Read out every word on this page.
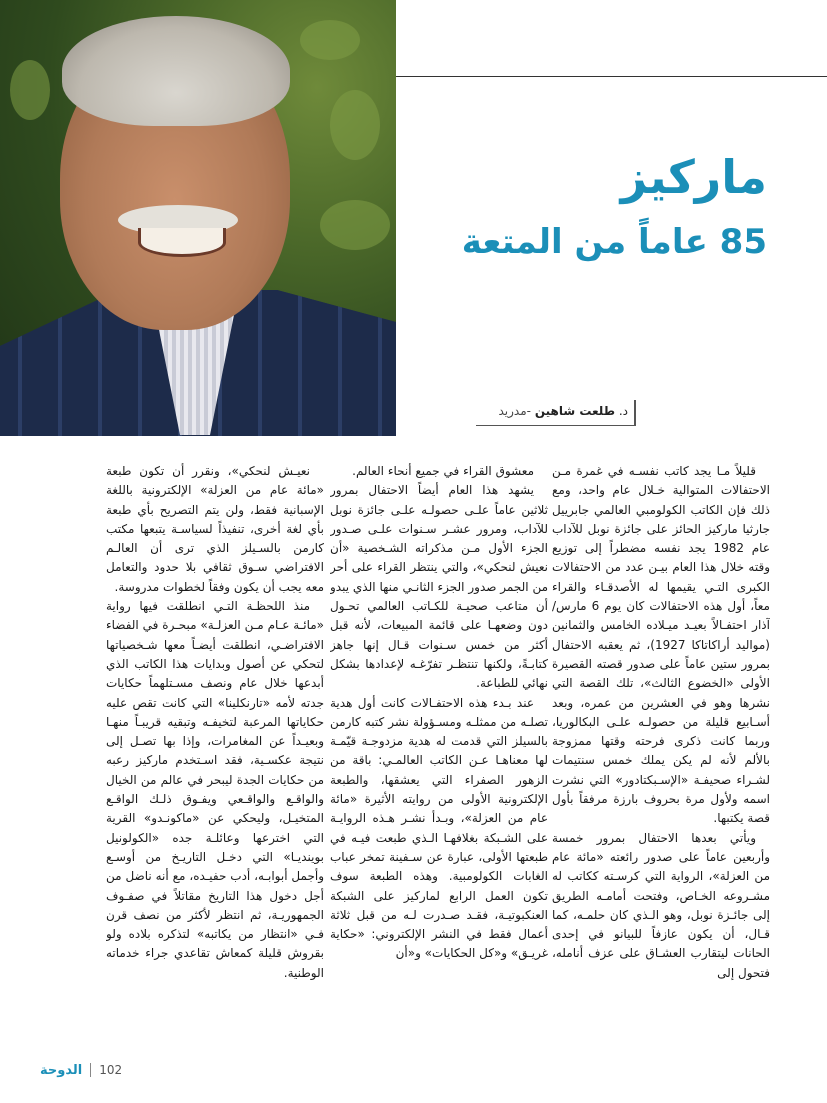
ماركيز
85 عاماً من المتعة
د. طلعت شاهين -مدريد

قليلاً مـا يجد كاتب نفسـه في غمرة مـن الاحتفالات المتوالية خـلال عام واحد، ومع ذلك فإن الكاتب الكولومبي العالمي جابرييل جارثيا ماركيز الحائز على جائزة نوبل للآداب عام 1982 يجد نفسه مضطراً إلى توزيع وقته خلال هذا العام بيـن عدد من الاحتفالات الكبرى التـي يقيمها له الأصدقـاء والقراء معاً، أول هذه الاحتفالات كان يوم 6 مارس/ آذار احتفـالاً بعيـد ميـلاده الخامس والثمانين (مواليد أراكاتاكا 1927)، ثم يعقبه الاحتفال بمرور ستين عاماً على صدور قصته القصيرة الأولى «الخضوع الثالث»، تلك القصة التي نشرها وهو في العشرين من عمره، وبعد أسـابيع قليلة من حصولـه علـى البكالوريا، وربما كانت ذكرى فرحته وقتها ممزوجة بالألم لأنه لم يكن يملك خمس سنتيمات لشـراء صحيفـة «الإسـبكتادور» التي نشرت اسمه ولأول مرة بحروف بارزة مرفقاً بأول قصة يكتبها.

ويأتي بعدها الاحتفال بمرور خمسة وأربعين عاماً على صدور رائعته «مائة عام من العزلة»، الرواية التي كرسـته ككاتب له مشـروعه الخـاص، وفتحت أمامـه الطريق إلى جائـزة نوبل، وهو الـذي كان حلمـه، كما قـال، أن يكون عازفاً للبيانو في إحدى الحانات ليتقارب العشـاق على عزف أنامله، فتحول إلى

معشوق القراء في جميع أنحاء العالم.

يشهد هذا العام أيضاً الاحتفال بمرور ثلاثين عاماً علـى حصولـه علـى جائزة نوبل للآداب، ومرور عشـر سـنوات علـى صـدور الجزء الأول مـن مذكراته الشـخصية «أن نعيش لنحكي»، والتي ينتظر القراء على أحر من الجمر صدور الجزء الثانـي منها الذي يبدو أن متاعب صحيـة للكـاتب العالمي تحـول دون وضعهـا على قائمة المبيعات، لأنه قبل أكثر من خمس سـنوات قـال إنها جاهز كتابـةً، ولكنها تنتظـر تفرّغـه لإعدادها بشكل نهائي للطباعة.

عند بـدء هذه الاحتفـالات كانت أول هدية تصلـه من ممثلـه ومسـؤولة نشر كتبه كارمن بالسيلز التي قدمت له هدية مزدوجـة قيّمـة لها معناهـا عـن الكاتب العالمـي: باقة من الزهور الصفراء التي يعشقها، والطبعة الإلكترونية الأولى من روايته الأثيرة «مائة عام من العزلة»، وبـدأ نشـر هـذه الروايـة على الشـبكة بغلافهـا الـذي طبعت فيـه في طبعتها الأولى، عبارة عن سـفينة تمخر عباب الغابات الكولومبية. وهذه الطبعة سوف تكون العمل الرابع لماركيز على الشبكة العنكبوتيـة، فقـد صـدرت لـه من قبل ثلاثة أعمال فقط في النشر الإلكتروني: «حكاية غريـق» و«كل الحكايات» و«أن

نعيـش لنحكي»، ونقرر أن تكون طبعة «مائة عام من العزلة» الإلكترونية باللغة الإسبانية فقط، ولن يتم التصريح بأي طبعة بأي لغة أخرى، تنفيذاً لسياسـة يتبعها مكتب كارمن بالسـيلز الذي ترى أن العالـم الافتراضي سـوق ثقافي بلا حدود والتعامل معه يجب أن يكون وفقاً لخطوات مدروسة.

منذ اللحظـة التـي انطلقت فيها رواية «مائـة عـام مـن العزلـة» مبحـرة في الفضاء الافتراضـي، انطلقت أيضـاً معها شـخصياتها لتحكي عن أصول وبدايات هذا الكاتب الذي أبدعها خلال عام ونصف مسـتلهماً حكايات جدته لأمه «تارنكلينا» التي كانت تقص عليه حكاياتها المرعبة لتخيفـه وتبقيه قريبـاً منهـا وبعيـداً عن المغامرات، وإذا بها تصـل إلى نتيجة عكسـية، فقد اسـتخدم ماركيز رعبه من حكايات الجدة ليبحر في عالم من الخيال والواقـع والواقـعي ويفـوق ذلـك الواقـع المتخيـل، وليحكي عن «ماكونـدو» القرية التي اخترعها وعائلـة جده «الكولونيل بوينديـا» التي دخـل التاريـخ من أوسـع وأجمل أبوابـه، أدب حفيـده، مع أنه ناضل من أجل دخول هذا التاريخ مقاتلاً في صفـوف الجمهوريـة، ثم انتظر لأكثر من نصف قرن فـي «انتظار من يكاتبه» لتذكره بلاده ولو بقروش قليلة كمعاش تقاعدي جراء خدماته الوطنية.

الدوحة 102
